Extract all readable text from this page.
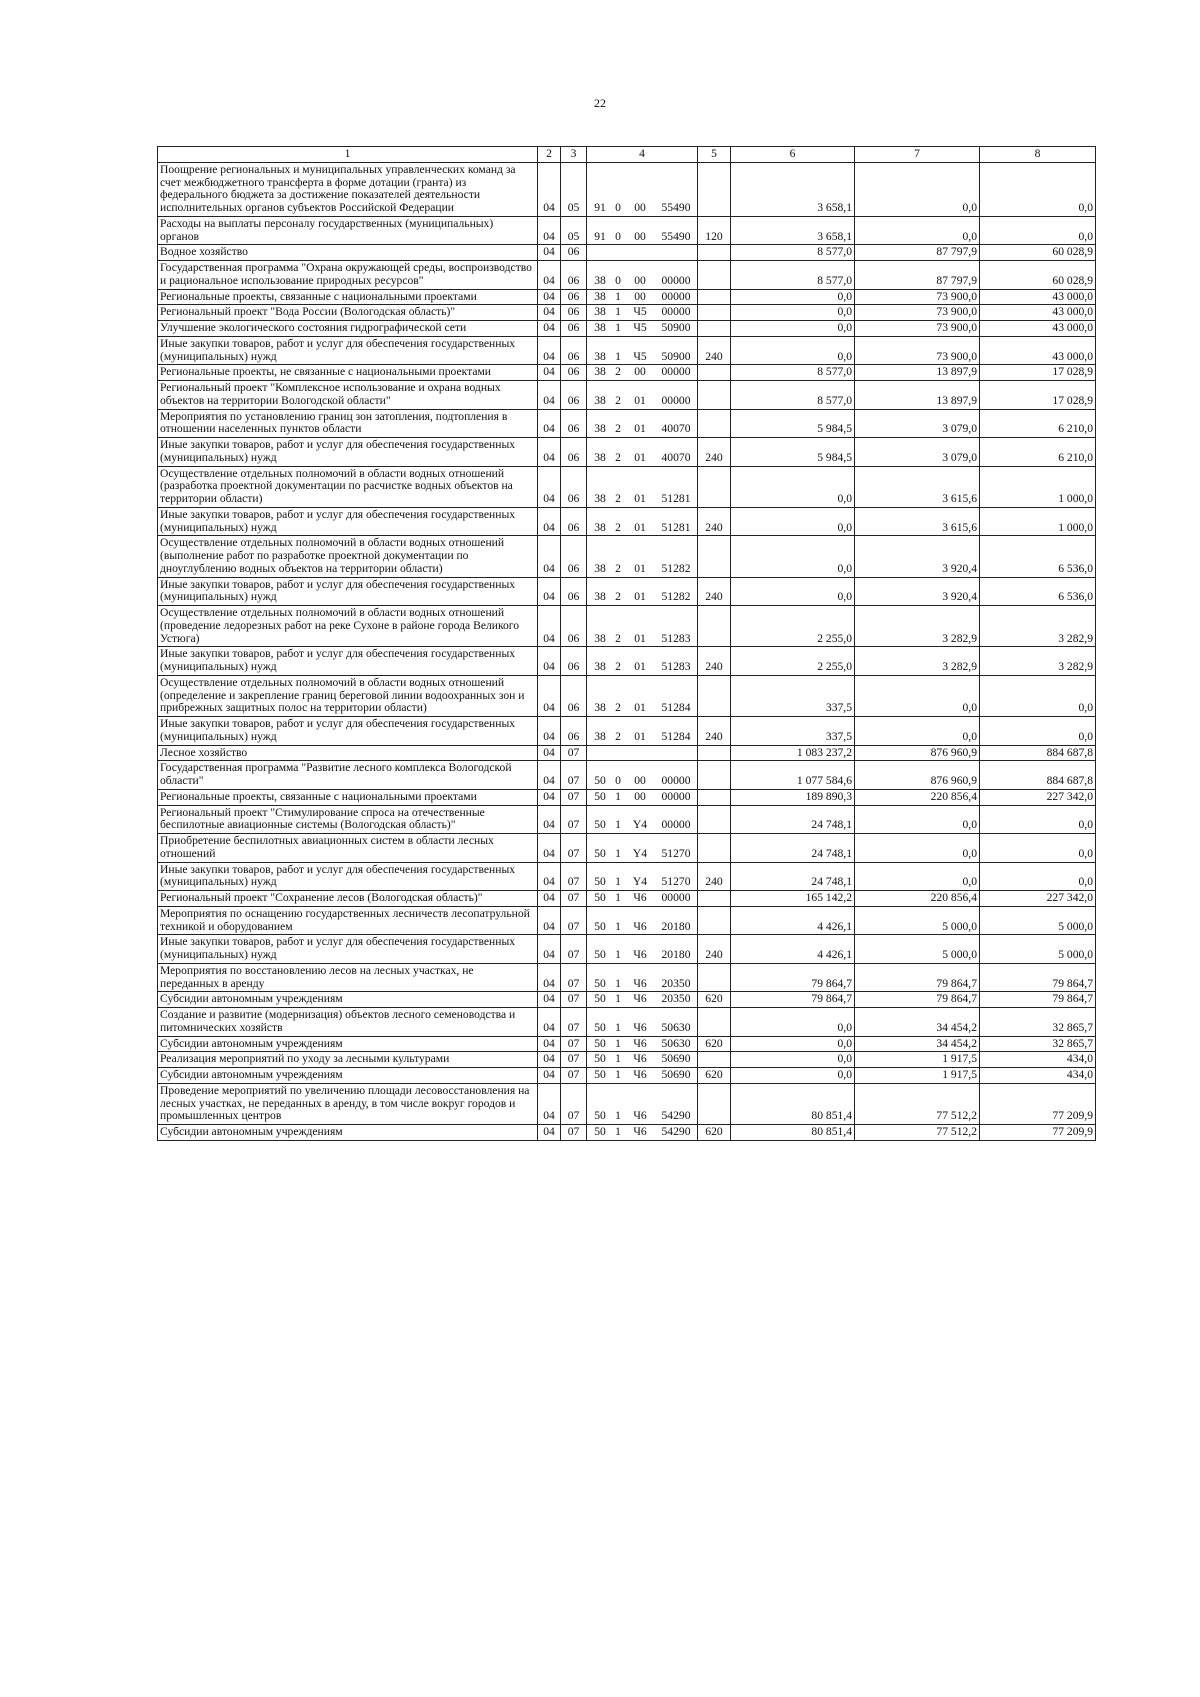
22
1	2	3	4	5	6	7	8
Поощрение региональных и муниципальных управленческих команд за счет межбюджетного трансферта в форме дотации (гранта) из федерального бюджета за достижение показателей деятельности исполнительных органов субъектов Российской Федерации	04	05	91 0 00 55490		3 658,1	0,0	0,0
Расходы на выплаты персоналу государственных (муниципальных) органов	04	05	91 0 00 55490	120	3 658,1	0,0	0,0
Водное хозяйство	04	06			8 577,0	87 797,9	60 028,9
Государственная программа "Охрана окружающей среды, воспроизводство и рациональное использование природных ресурсов"	04	06	38 0 00 00000		8 577,0	87 797,9	60 028,9
Региональные проекты, связанные с национальными проектами	04	06	38 1 00 00000		0,0	73 900,0	43 000,0
Региональный проект "Вода России (Вологодская область)"	04	06	38 1 Ч5 00000		0,0	73 900,0	43 000,0
Улучшение экологического состояния гидрографической сети	04	06	38 1 Ч5 50900		0,0	73 900,0	43 000,0
Иные закупки товаров, работ и услуг для обеспечения государственных (муниципальных) нужд	04	06	38 1 Ч5 50900	240	0,0	73 900,0	43 000,0
Региональные проекты, не связанные с национальными проектами	04	06	38 2 00 00000		8 577,0	13 897,9	17 028,9
Региональный проект "Комплексное использование и охрана водных объектов на территории Вологодской области"	04	06	38 2 01 00000		8 577,0	13 897,9	17 028,9
Мероприятия по установлению границ зон затопления, подтопления в отношении населенных пунктов области	04	06	38 2 01 40070		5 984,5	3 079,0	6 210,0
Иные закупки товаров, работ и услуг для обеспечения государственных (муниципальных) нужд	04	06	38 2 01 40070	240	5 984,5	3 079,0	6 210,0
Осуществление отдельных полномочий в области водных отношений (разработка проектной документации по расчистке водных объектов на территории области)	04	06	38 2 01 51281		0,0	3 615,6	1 000,0
Иные закупки товаров, работ и услуг для обеспечения государственных (муниципальных) нужд	04	06	38 2 01 51281	240	0,0	3 615,6	1 000,0
Осуществление отдельных полномочий в области водных отношений (выполнение работ по разработке проектной документации по дноуглублению водных объектов на территории области)	04	06	38 2 01 51282		0,0	3 920,4	6 536,0
Иные закупки товаров, работ и услуг для обеспечения государственных (муниципальных) нужд	04	06	38 2 01 51282	240	0,0	3 920,4	6 536,0
Осуществление отдельных полномочий в области водных отношений (проведение ледорезных работ на реке Сухоне в районе города Великого Устюга)	04	06	38 2 01 51283		2 255,0	3 282,9	3 282,9
Иные закупки товаров, работ и услуг для обеспечения государственных (муниципальных) нужд	04	06	38 2 01 51283	240	2 255,0	3 282,9	3 282,9
Осуществление отдельных полномочий в области водных отношений (определение и закрепление границ береговой линии водоохранных зон и прибрежных защитных полос на территории области)	04	06	38 2 01 51284		337,5	0,0	0,0
Иные закупки товаров, работ и услуг для обеспечения государственных (муниципальных) нужд	04	06	38 2 01 51284	240	337,5	0,0	0,0
Лесное хозяйство	04	07			1 083 237,2	876 960,9	884 687,8
Государственная программа "Развитие лесного комплекса Вологодской области"	04	07	50 0 00 00000		1 077 584,6	876 960,9	884 687,8
Региональные проекты, связанные с национальными проектами	04	07	50 1 00 00000		189 890,3	220 856,4	227 342,0
Региональный проект "Стимулирование спроса на отечественные беспилотные авиационные системы (Вологодская область)"	04	07	50 1 Y4 00000		24 748,1	0,0	0,0
Приобретение беспилотных авиационных систем в области лесных отношений	04	07	50 1 Y4 51270		24 748,1	0,0	0,0
Иные закупки товаров, работ и услуг для обеспечения государственных (муниципальных) нужд	04	07	50 1 Y4 51270	240	24 748,1	0,0	0,0
Региональный проект "Сохранение лесов (Вологодская область)"	04	07	50 1 Ч6 00000		165 142,2	220 856,4	227 342,0
Мероприятия по оснащению государственных лесничеств лесопатрульной техникой и оборудованием	04	07	50 1 Ч6 20180		4 426,1	5 000,0	5 000,0
Иные закупки товаров, работ и услуг для обеспечения государственных (муниципальных) нужд	04	07	50 1 Ч6 20180	240	4 426,1	5 000,0	5 000,0
Мероприятия по восстановлению лесов на лесных участках, не переданных в аренду	04	07	50 1 Ч6 20350		79 864,7	79 864,7	79 864,7
Субсидии автономным учреждениям	04	07	50 1 Ч6 20350	620	79 864,7	79 864,7	79 864,7
Создание и развитие (модернизация) объектов лесного семеноводства и питомнических хозяйств	04	07	50 1 Ч6 50630		0,0	34 454,2	32 865,7
Субсидии автономным учреждениям	04	07	50 1 Ч6 50630	620	0,0	34 454,2	32 865,7
Реализация мероприятий по уходу за лесными культурами	04	07	50 1 Ч6 50690		0,0	1 917,5	434,0
Субсидии автономным учреждениям	04	07	50 1 Ч6 50690	620	0,0	1 917,5	434,0
Проведение мероприятий по увеличению площади лесовосстановления на лесных участках, не переданных в аренду, в том числе вокруг городов и промышленных центров	04	07	50 1 Ч6 54290		80 851,4	77 512,2	77 209,9
Субсидии автономным учреждениям	04	07	50 1 Ч6 54290	620	80 851,4	77 512,2	77 209,9
